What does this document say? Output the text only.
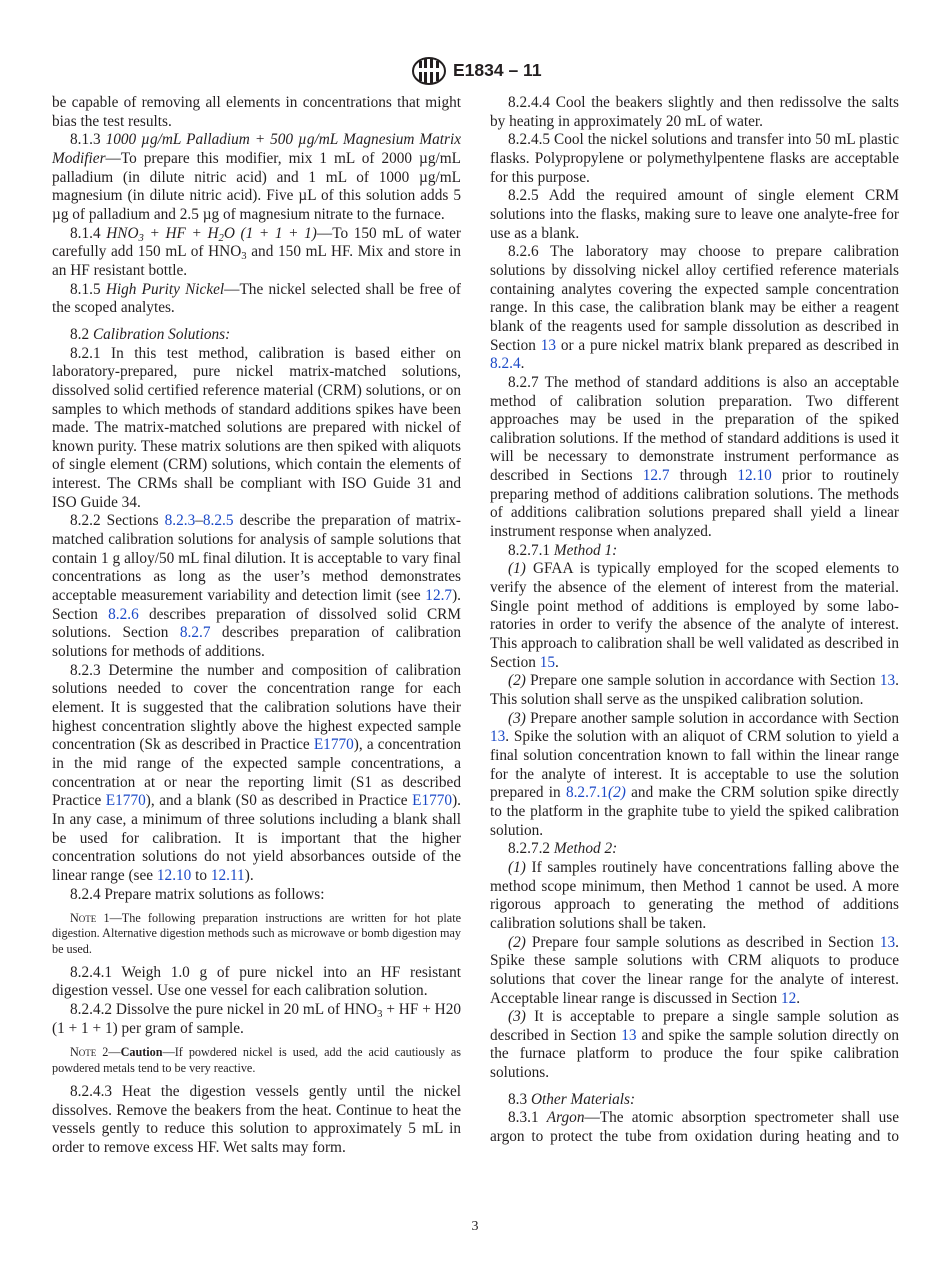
E1834 – 11

be capable of removing all elements in concentrations that might bias the test results.

8.1.3 1000 µg/mL Palladium + 500 µg/mL Magnesium Matrix Modifier—To prepare this modifier, mix 1 mL of 2000 µg/mL palladium (in dilute nitric acid) and 1 mL of 1000 µg/mL magnesium (in dilute nitric acid). Five µL of this solution adds 5 µg of palladium and 2.5 µg of magnesium nitrate to the furnace.

8.1.4 $HNO_3$ + HF + $H_2O$ (1 + 1 + 1)—To 150 mL of water carefully add 150 mL of $HNO_3$ and 150 mL HF. Mix and store in an HF resistant bottle.

8.1.5 High Purity Nickel—The nickel selected shall be free of the scoped analytes.

8.2 Calibration Solutions:

8.2.1 In this test method, calibration is based either on laboratory-prepared, pure nickel matrix-matched solutions, dissolved solid certified reference material (CRM) solutions, or on samples to which methods of standard additions spikes have been made. The matrix-matched solutions are prepared with nickel of known purity. These matrix solutions are then spiked with aliquots of single element (CRM) solutions, which contain the elements of interest. The CRMs shall be compliant with ISO Guide 31 and ISO Guide 34.

8.2.2 Sections 8.2.3–8.2.5 describe the preparation of matrix-matched calibration solutions for analysis of sample solutions that contain 1 g alloy/50 mL final dilution. It is acceptable to vary final concentrations as long as the user’s method demonstrates acceptable measurement variability and detection limit (see 12.7). Section 8.2.6 describes preparation of dissolved solid CRM solutions. Section 8.2.7 describes preparation of calibration solutions for methods of additions.

8.2.3 Determine the number and composition of calibration solutions needed to cover the concentration range for each element. It is suggested that the calibration solutions have their highest concentration slightly above the highest expected sample concentration (Sk as described in Practice E1770), a concentration in the mid range of the expected sample concentrations, a concentration at or near the reporting limit (S1 as described Practice E1770), and a blank (S0 as described in Practice E1770). In any case, a minimum of three solutions including a blank shall be used for calibration. It is important that the higher concentration solutions do not yield absorbances outside of the linear range (see 12.10 to 12.11).

8.2.4 Prepare matrix solutions as follows:

Note 1—The following preparation instructions are written for hot plate digestion. Alternative digestion methods such as microwave or bomb digestion may be used.

8.2.4.1 Weigh 1.0 g of pure nickel into an HF resistant digestion vessel. Use one vessel for each calibration solution.

8.2.4.2 Dissolve the pure nickel in 20 mL of $HNO_3$ + HF + H20 (1 + 1 + 1) per gram of sample.

Note 2—Caution—If powdered nickel is used, add the acid cautiously as powdered metals tend to be very reactive.

8.2.4.3 Heat the digestion vessels gently until the nickel dissolves. Remove the beakers from the heat. Continue to heat the vessels gently to reduce this solution to approximately 5 mL in order to remove excess HF. Wet salts may form.

8.2.4.4 Cool the beakers slightly and then redissolve the salts by heating in approximately 20 mL of water.

8.2.4.5 Cool the nickel solutions and transfer into 50 mL plastic flasks. Polypropylene or polymethylpentene flasks are acceptable for this purpose.

8.2.5 Add the required amount of single element CRM solutions into the flasks, making sure to leave one analyte-free for use as a blank.

8.2.6 The laboratory may choose to prepare calibration solutions by dissolving nickel alloy certified reference materials containing analytes covering the expected sample concentration range. In this case, the calibration blank may be either a reagent blank of the reagents used for sample dissolution as described in Section 13 or a pure nickel matrix blank prepared as described in 8.2.4.

8.2.7 The method of standard additions is also an acceptable method of calibration solution preparation. Two different approaches may be used in the preparation of the spiked calibration solutions. If the method of standard additions is used it will be necessary to demonstrate instrument performance as described in Sections 12.7 through 12.10 prior to routinely preparing method of additions calibration solutions. The methods of additions calibration solutions prepared shall yield a linear instrument response when analyzed.

8.2.7.1 Method 1:

(1) GFAA is typically employed for the scoped elements to verify the absence of the element of interest from the material. Single point method of additions is employed by some laboratories in order to verify the absence of the analyte of interest. This approach to calibration shall be well validated as described in Section 15.

(2) Prepare one sample solution in accordance with Section 13. This solution shall serve as the unspiked calibration solution.

(3) Prepare another sample solution in accordance with Section 13. Spike the solution with an aliquot of CRM solution to yield a final solution concentration known to fall within the linear range for the analyte of interest. It is acceptable to use the solution prepared in 8.2.7.1(2) and make the CRM solution spike directly to the platform in the graphite tube to yield the spiked calibration solution.

8.2.7.2 Method 2:

(1) If samples routinely have concentrations falling above the method scope minimum, then Method 1 cannot be used. A more rigorous approach to generating the method of additions calibration solutions shall be taken.

(2) Prepare four sample solutions as described in Section 13. Spike these sample solutions with CRM aliquots to produce solutions that cover the linear range for the analyte of interest. Acceptable linear range is discussed in Section 12.

(3) It is acceptable to prepare a single sample solution as described in Section 13 and spike the sample solution directly on the furnace platform to produce the four spike calibration solutions.

8.3 Other Materials:

8.3.1 Argon—The atomic absorption spectrometer shall use argon to protect the tube from oxidation during heating and to

3
